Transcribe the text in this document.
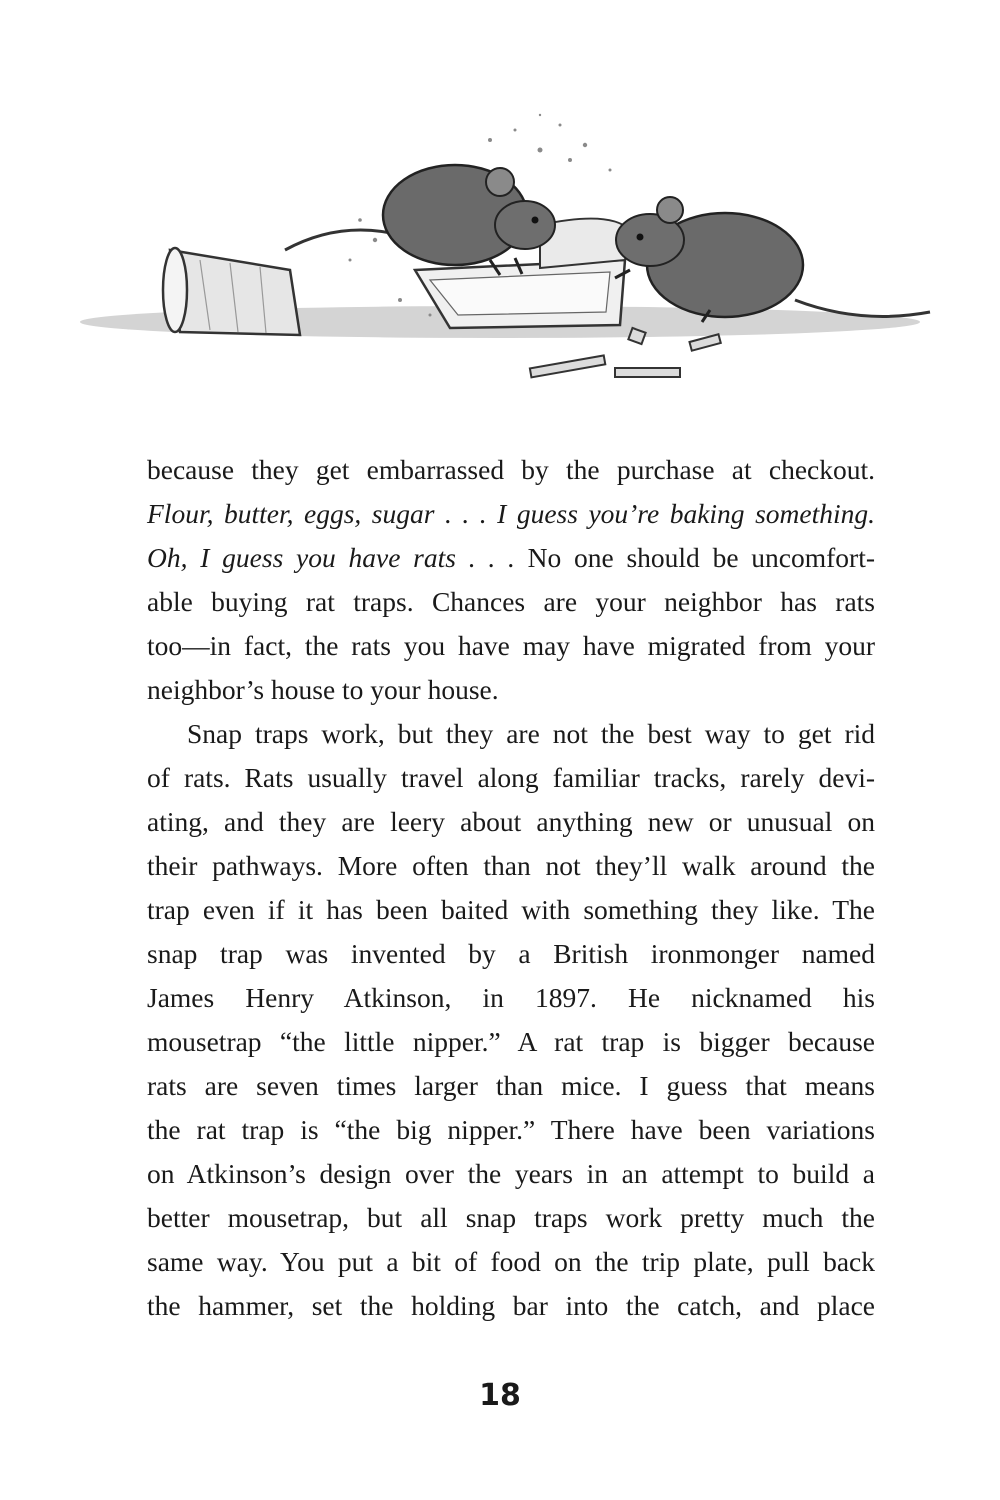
because they get embarrassed by the purchase at checkout.
Flour, butter, eggs, sugar . . . I guess you’re baking something.
Oh, I guess you have rats . . . No one should be uncomfort-
able buying rat traps. Chances are your neighbor has rats
too—in fact, the rats you have may have migrated from your
neighbor’s house to your house.
Snap traps work, but they are not the best way to get rid
of rats. Rats usually travel along familiar tracks, rarely devi-
ating, and they are leery about anything new or unusual on
their pathways. More often than not they’ll walk around the
trap even if it has been baited with something they like. The
snap trap was invented by a British ironmonger named
James Henry Atkinson, in 1897. He nicknamed his
mousetrap “the little nipper.” A rat trap is bigger because
rats are seven times larger than mice. I guess that means
the rat trap is “the big nipper.” There have been variations
on Atkinson’s design over the years in an attempt to build a
better mousetrap, but all snap traps work pretty much the
same way. You put a bit of food on the trip plate, pull back
the hammer, set the holding bar into the catch, and place
18
